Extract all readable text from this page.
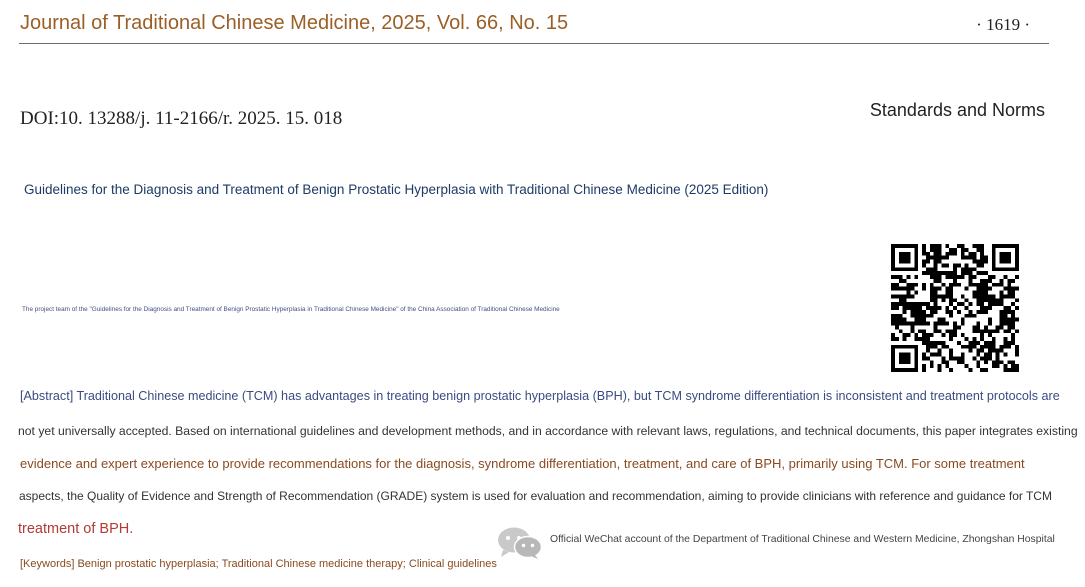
Journal of Traditional Chinese Medicine, 2025, Vol. 66, No. 15	· 1619 ·
DOI:10. 13288/j. 11-2166/r. 2025. 15. 018	Standards and Norms
Guidelines for the Diagnosis and Treatment of Benign Prostatic Hyperplasia with Traditional Chinese Medicine (2025 Edition)
The project team of the "Guidelines for the Diagnosis and Treatment of Benign Prostatic Hyperplasia in Traditional Chinese Medicine" of the China Association of Traditional Chinese Medicine
[Abstract] Traditional Chinese medicine (TCM) has advantages in treating benign prostatic hyperplasia (BPH), but TCM syndrome differentiation is inconsistent and treatment protocols are
not yet universally accepted. Based on international guidelines and development methods, and in accordance with relevant laws, regulations, and technical documents, this paper integrates existing
evidence and expert experience to provide recommendations for the diagnosis, syndrome differentiation, treatment, and care of BPH, primarily using TCM. For some treatment
aspects, the Quality of Evidence and Strength of Recommendation (GRADE) system is used for evaluation and recommendation, aiming to provide clinicians with reference and guidance for TCM
treatment of BPH.
Official WeChat account of the Department of Traditional Chinese and Western Medicine, Zhongshan Hospital
[Keywords] Benign prostatic hyperplasia; Traditional Chinese medicine therapy; Clinical guidelines
